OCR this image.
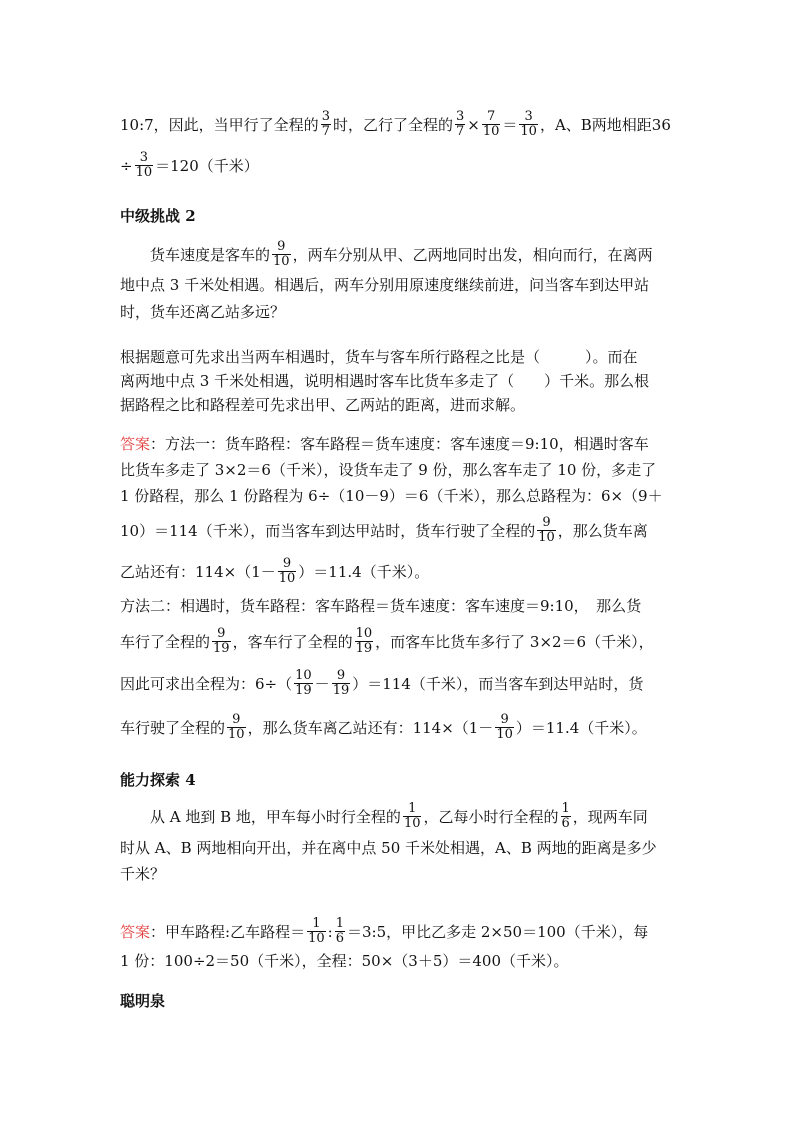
10:7，因此，当甲行了全程的 $\frac{3}{7}$ 时，乙行了全程的 $\frac{3}{7} \times \frac{7}{10} = \frac{3}{10}$ ，A、B两地相距36
÷ $\frac{3}{10} =120$（千米）
中级挑战 2
货车速度是客车的 $\frac{9}{10}$ ，两车分别从甲、乙两地同时出发，相向而行，在离两
地中点 3 千米处相遇。相遇后，两车分别用原速度继续前进，问当客车到达甲站
时，货车还离乙站多远？
根据题意可先求出当两车相遇时，货车与客车所行路程之比是（　　　）。而在
离两地中点 3 千米处相遇，说明相遇时客车比货车多走了（　　）千米。那么根
据路程之比和路程差可先求出甲、乙两站的距离，进而求解。
答案 ：方法一：货车路程：客车路程＝货车速度：客车速度＝9:10，相遇时客车
比货车多走了 3×2＝6（千米），设货车走了 9 份，那么客车走了 10 份，多走了
1 份路程，那么 1 份路程为 6÷（10－9）＝6（千米），那么总路程为：6×（9＋
10）＝114（千米），而当客车到达甲站时，货车行驶了全程的 $\frac{9}{10}$ ，那么货车离
乙站还有：$114\times(1- \frac{9}{10} )=11.4$（千米）。
方法二：相遇时，货车路程：客车路程＝货车速度：客车速度＝9:10，　那么货
车行了全程的 $\frac{9}{19}$ ，客车行了全程的 $\frac{10}{19}$ ，而客车比货车多行了 3×2＝6（千米），
因此可求出全程为：$6\div( \frac{10}{19} - \frac{9}{19} )=114$（千米），而当客车到达甲站时，货
车行驶了全程的 $\frac{9}{10}$ ，那么货车离乙站还有：$114\times(1- \frac{9}{10} )=11.4$（千米）。
能力探索 4
从 A 地到 B 地，甲车每小时行全程的 $\frac{1}{10}$ ，乙每小时行全程的 $\frac{1}{6}$ ，现两车同
时从 A、B 两地相向开出，并在离中点 50 千米处相遇，A、B 两地的距离是多少
千米？
答案 ：甲车路程:乙车路程＝ $\frac{1}{10}$ : $\frac{1}{6}$ ＝3:5，甲比乙多走 2×50＝100（千米），每
1 份：100÷2＝50（千米），全程：50×（3＋5）＝400（千米）。
聪明泉
